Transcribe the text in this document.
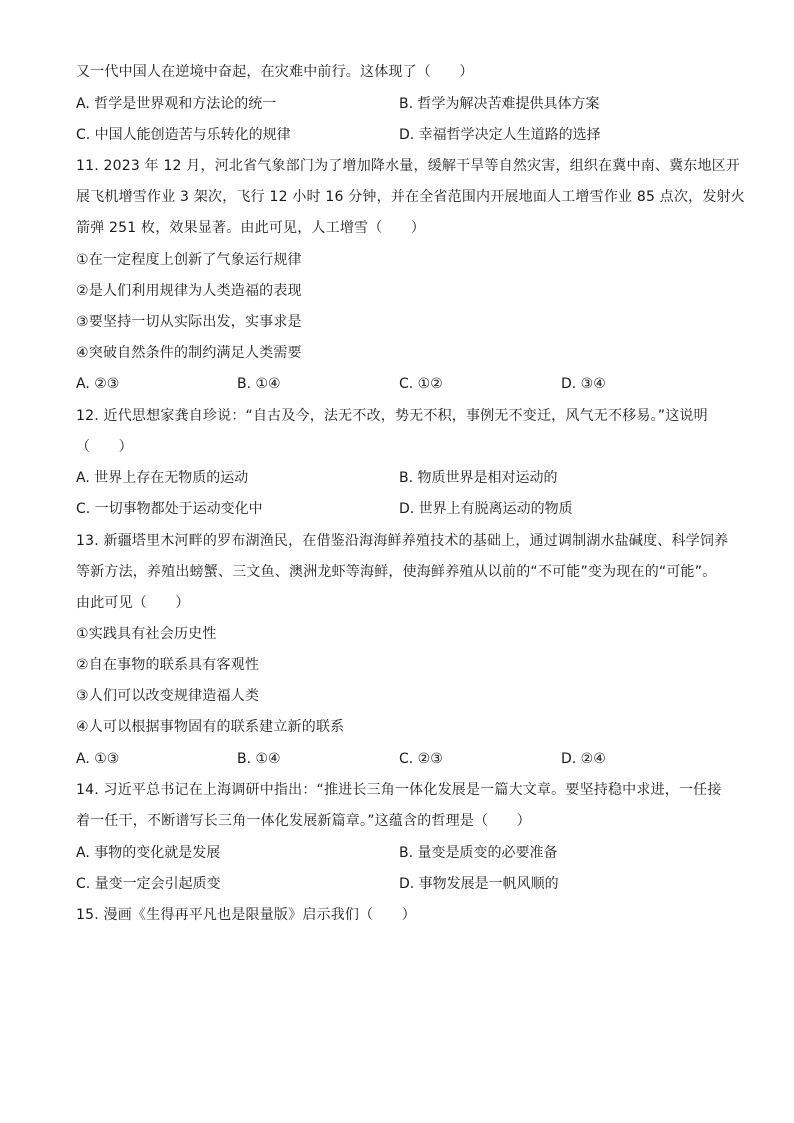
又一代中国人在逆境中奋起，在灾难中前行。这体现了（　　）
A. 哲学是世界观和方法论的统一	B. 哲学为解决苦难提供具体方案
C. 中国人能创造苦与乐转化的规律	D. 幸福哲学决定人生道路的选择
11. 2023 年 12 月，河北省气象部门为了增加降水量，缓解干旱等自然灾害，组织在冀中南、冀东地区开
展飞机增雪作业 3 架次，飞行 12 小时 16 分钟，并在全省范围内开展地面人工增雪作业 85 点次，发射火
箭弹 251 枚，效果显著。由此可见，人工增雪（　　）
①在一定程度上创新了气象运行规律
②是人们利用规律为人类造福的表现
③要坚持一切从实际出发，实事求是
④突破自然条件的制约满足人类需要
A. ②③	B. ①④	C. ①②	D. ③④
12. 近代思想家龚自珍说：“自古及今，法无不改，势无不积，事例无不变迁，风气无不移易。”这说明
（　　）
A. 世界上存在无物质的运动	B. 物质世界是相对运动的
C. 一切事物都处于运动变化中	D. 世界上有脱离运动的物质
13. 新疆塔里木河畔的罗布湖渔民，在借鉴沿海海鲜养殖技术的基础上，通过调制湖水盐碱度、科学饲养
等新方法，养殖出螃蟹、三文鱼、澳洲龙虾等海鲜，使海鲜养殖从以前的“不可能”变为现在的“可能”。
由此可见（　　）
①实践具有社会历史性
②自在事物的联系具有客观性
③人们可以改变规律造福人类
④人可以根据事物固有的联系建立新的联系
A. ①③	B. ①④	C. ②③	D. ②④
14. 习近平总书记在上海调研中指出：“推进长三角一体化发展是一篇大文章。要坚持稳中求进，一任接
着一任干，不断谱写长三角一体化发展新篇章。”这蕴含的哲理是（　　）
A. 事物的变化就是发展	B. 量变是质变的必要准备
C. 量变一定会引起质变	D. 事物发展是一帆风顺的
15. 漫画《生得再平凡也是限量版》启示我们（　　）
